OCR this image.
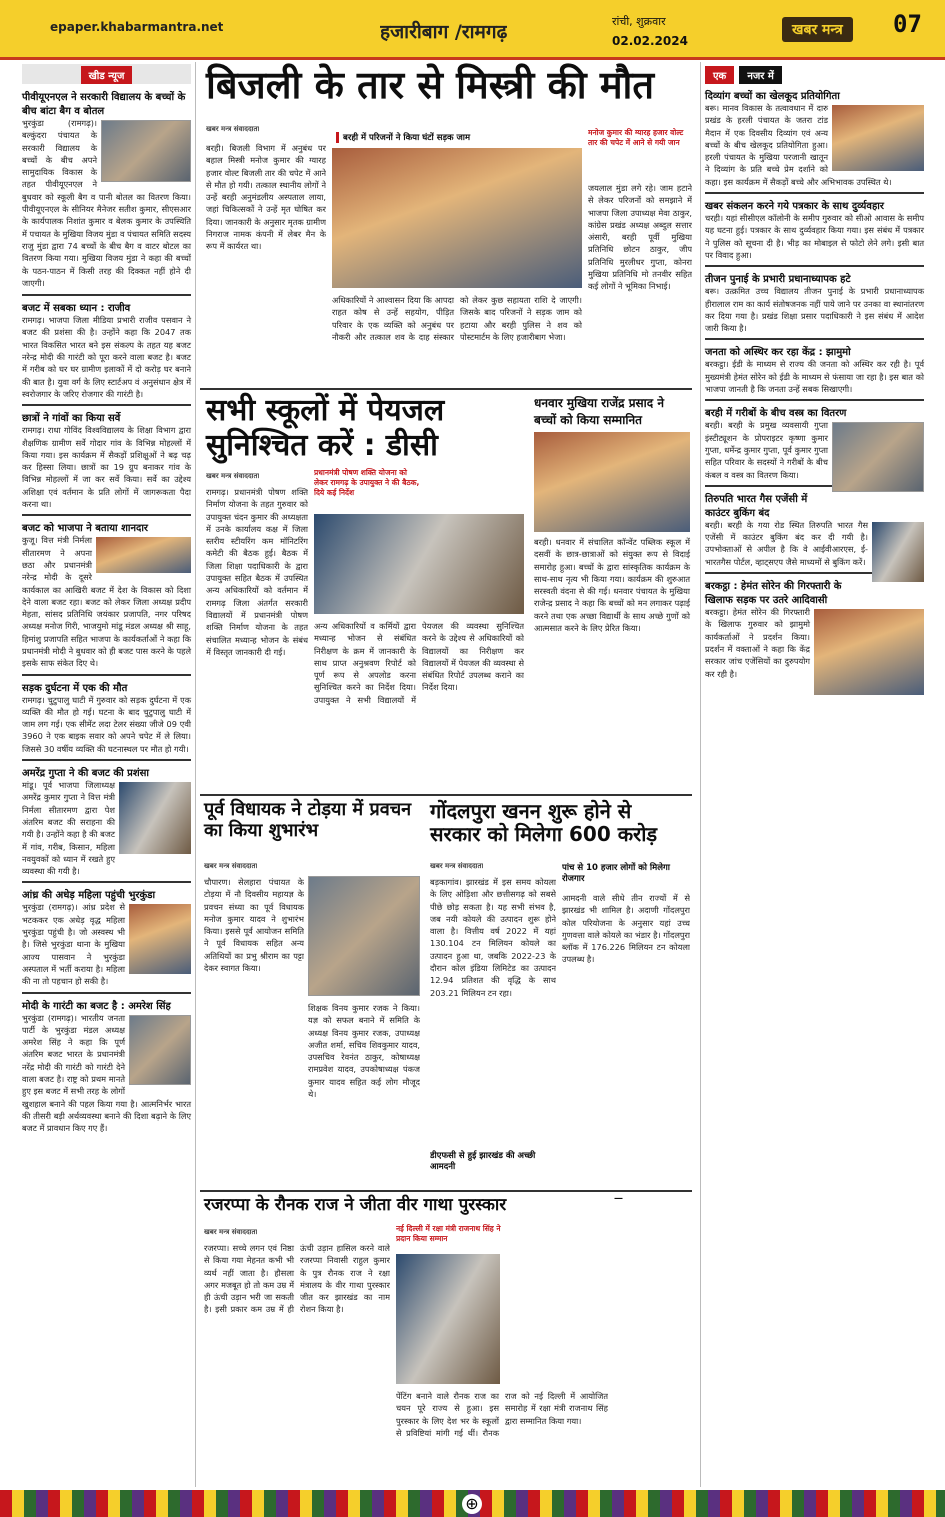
epaper.khabarmantra.net	हजारीबाग /रामगढ़	रांची, शुक्रवार
02.02.2024
खबर मन्त्र	07
खीड न्यूज
पीवीयूएनएल ने सरकारी विद्यालय के बच्चों के बीच बांटा बैग व बोतल
भुरकुंडा (रामगढ़)। बल्कुंदरा पंचायत के सरकारी विद्यालय के बच्चों के बीच अपने सामुदायिक विकास के तहत पीवीयूएनएल ने बुधवार को स्कूली बैग व पानी बोतल का वितरण किया। पीवीयूएनएल के सीनियर मैनेजर सतीश कुमार, सीएसआर के कार्यपालक निशांत कुमार व बेलक कुमार के उपस्थिति में पचायत के मुखिया विजय मुंडा व पंचायत समिति सदस्य राजु मुंडा द्वारा 74 बच्चों के बीच बैग व वाटर बोटल का वितरण किया गया। मुखिया विजय मुंडा ने कहा की बच्चों के पठन-पाठन में किसी तरह की दिक्कत नहीं होने दी जाएगी।
बजट में सबका ध्यान : राजीव
रामगढ़। भाजपा जिला मीडिया प्रभारी राजीव पसवान ने बजट की प्रशंसा की है। उन्होंने कहा कि 2047 तक भारत विकसित भारत बने इस संकल्प के तहत यह बजट नरेन्द्र मोदी की गारंटी को पूरा करने वाला बजट है। बजट में गरीब को घर घर ग्रामीण इलाकों में दो करोड़ घर बनाने की बात है। युवा वर्ग के लिए स्टार्टअप वं अनुसंधान क्षेत्र में स्वरोजगार के जरिए रोजगार की गारंटी है।
छात्रों ने गांवों का किया सर्वे
रामगढ़। राधा गोविंद विश्वविद्यालय के शिक्षा विभाग द्वारा शैक्षणिक ग्रामीण सर्वे गोदार गांव के विभिन्न मोहल्लों में किया गया। इस कार्यक्रम में सैकड़ों प्रशिक्षुओं ने बढ़ चढ़ कर हिस्सा लिया। छात्रों का 19 ग्रुप बनाकर गांव के विभिन्न मोहल्लों में जा कर सर्वे किया। सर्वे का उद्देश्य अशिक्षा एवं वर्तमान के प्रति लोगों में जागरूकता पैदा करना था।
बजट को भाजपा ने बताया शानदार
कुजू। वित्त मंत्री निर्मला सीतारमण ने अपना छठा और प्रधानमंत्री नरेन्द्र मोदी के दूसरे कार्यकाल का आखिरी बजट में देश के विकास को दिशा देने वाला बजट रहा। बजट को लेकर जिला अध्यक्ष प्रदीप मेहता, सांसद प्रतिनिधि जयंकार प्रजापति, नगर परिषद अध्यक्ष मनोज गिरी, भाजयुमो मांडू मंडल अध्यक्ष श्री साहू, हिमांशु प्रजापति सहित भाजपा के कार्यकर्ताओं ने कहा कि प्रधानमंत्री मोदी ने बुधवार को ही बजट पास करने के पहले इसके साफ संकेत दिए थे।
सड़क दुर्घटना में एक की मौत
रामगढ़। चुटुपालु घाटी में गुरुवार को सड़क दुर्घटना में एक व्यक्ति की मौत हो गई। घटना के बाद चुटुपालु घाटी में जाम लग गई। एक सीमेंट लदा टेलर संख्या जीजे 09 एवी 3960 ने एक बाइक सवार को अपने चपेट में ले लिया। जिससे 30 वर्षीय व्यक्ति की घटनास्थल पर मौत हो गयी।
अमरेंद्र गुप्ता ने की बजट की प्रशंसा
मांडू। पूर्व भाजपा जिलाध्यक्ष अमरेंद्र कुमार गुप्ता ने वित्त मंत्री निर्मला सीतारमण द्वारा पेश अंतरिम बजट की सराहना की गयी है। उन्होंने कहा है की बजट में गांव, गरीब, किसान, महिला नवयुवकों को ध्यान में रखते हुए व्यवस्था की गयी है।
आंध्र की अधेड़ महिला पहुंची भुरकुंडा
भुरकुंडा (रामगढ़)। आंध्र प्रदेश से भटककर एक अधेड़ वृद्ध महिला भुरकुंडा पहुंची है। जो अस्वस्थ भी है। जिसे भुरकुंडा थाना के मुखिया आज्य पासवान ने भुरकुंडा अस्पताल में भर्ती कराया है। महिला की ना तो पहचान हो सकी है।
मोदी के गारंटी का बजट है : अमरेश सिंह
भुरकुंडा (रामगढ़)। भारतीय जनता पार्टी के भुरकुंडा मंडल अध्यक्ष अमरेश सिंह ने कहा कि पूर्ण अंतरिम बजट भारत के प्रधानमंत्री नरेंद्र मोदी की गारंटी को गारंटी देने वाला बजट है। राष्ट्र को प्रथम मानते हुए इस बजट में सभी तरह के लोगों खुशहाल बनाने की पहल किया गया है। आत्मनिर्भर भारत की तीसरी बड़ी अर्थव्यवस्था बनाने की दिशा बढ़ाने के लिए बजट में प्रावधान किए गए हैं।
बिजली के तार से मिस्त्री की मौत
खबर मन्त्र संवाददाता
बरही में परिजनों ने किया घंटों सड़क जाम
मनोज कुमार की ग्यारह हजार वोल्ट तार की चपेट में आने से गयी जान
बरही। बिजली विभाग में अनुबंध पर बहाल मिस्त्री मनोज कुमार की ग्यारह हजार वोल्ट बिजली तार की चपेट में आने से मौत हो गयी। तत्काल स्थानीय लोगों ने उन्हें बरही अनुमंडलीय अस्पताल लाया, जहां चिकित्सकों ने उन्हें मृत घोषित कर दिया। जानकारी के अनुसार मृतक ग्रामीण निगराज नामक कंपनी में लेबर मैन के रूप में कार्यरत था।
अधिकारियों ने आश्वासन दिया कि आपदा राहत कोष से उन्हें सहयोग, पीड़ित परिवार के एक व्यक्ति को अनुबंध पर नौकरी और तत्काल शव के दाह संस्कार को लेकर कुछ सहायता राशि दे जाएगी। जिसके बाद परिजनों ने सड़क जाम को हटाया और बरही पुलिस ने शव को पोस्टमार्टम के लिए हजारीबाग भेजा।
जयलाल मुंडा लगे रहे। जाम हटाने से लेकर परिजनों को समझाने में भाजपा जिला उपाध्यक्ष मेवा ठाकुर, कांग्रेस प्रखंड अध्यक्ष अब्दुल सत्तार अंसारी, बरही पूर्वी मुखिया प्रतिनिधि छोटन ठाकुर, जीप प्रतिनिधि मुरलीधर गुप्ता, कोनरा मुखिया प्रतिनिधि मो तनवीर सहित कई लोगों ने भूमिका निभाई।
सभी स्कूलों में पेयजल सुनिश्चित करें : डीसी
खबर मन्त्र संवाददाता
रामगढ़। प्रधानमंत्री पोषण शक्ति निर्माण योजना के तहत गुरुवार को उपायुक्त चंदन कुमार की अध्यक्षता में उनके कार्यालय कक्ष में जिला स्तरीय स्टीयरिंग कम मॉनिटरिंग कमेटी की बैठक हुई। बैठक में जिला शिक्षा पदाधिकारी के द्वारा उपायुक्त सहित बैठक में उपस्थित अन्य अधिकारियों को वर्तमान में रामगढ़ जिला अंतर्गत सरकारी विद्यालयों में प्रधानमंत्री पोषण शक्ति निर्माण योजना के तहत संचालित मध्यान्ह भोजन के संबंध में विस्तृत जानकारी दी गई।
प्रधानमंत्री पोषण शक्ति योजना को लेकर रामगढ़ के उपायुक्त ने की बैठक, दिये कई निर्देश
अन्य अधिकारियों व कर्मियों द्वारा मध्यान्ह भोजन से संबंधित निरीक्षण के क्रम में जानकारी के साथ प्राप्त अनुश्रवण रिपोर्ट को पूर्ण रूप से अपलोड करना सुनिश्चित करने का निर्देश दिया। उपायुक्त ने सभी विद्यालयों में पेयजल की व्यवस्था सुनिश्चित करने के उद्देश्य से अधिकारियों को विद्यालयों का निरीक्षण कर विद्यालयों में पेयजल की व्यवस्था से संबंधित रिपोर्ट उपलब्ध कराने का निर्देश दिया।
धनवार मुखिया राजेंद्र प्रसाद ने बच्चों को किया सम्मानित
बरही। धनवार में संचालित कॉन्वेंट पब्लिक स्कूल में दसवीं के छात्र-छात्राओं को संयुक्त रूप से विदाई समारोह हुआ। बच्चों के द्वारा सांस्कृतिक कार्यक्रम के साथ-साथ नृत्य भी किया गया। कार्यक्रम की शुरुआत सरस्वती वंदना से की गई। धनवार पंचायत के मुखिया राजेन्द्र प्रसाद ने कहा कि बच्चों को मन लगाकर पढ़ाई करने तथा एक अच्छा विद्यार्थी के साथ अच्छे गुणों को आत्मसात करने के लिए प्रेरित किया।
पूर्व विधायक ने टोड़या में प्रवचन का किया शुभारंभ
खबर मन्त्र संवाददाता
चौपारण। सेलहारा पंचायत के टोड़या में नौ दिवसीय महायज्ञ के प्रवचन संध्या का पूर्व विधायक मनोज कुमार यादव ने शुभारंभ किया। इससे पूर्व आयोजन समिति ने पूर्व विधायक सहित अन्य अतिथियों का प्रभु श्रीराम का पट्टा देकर स्वागत किया।
शिक्षक विनय कुमार रजक ने किया। यज्ञ को सफल बनाने में समिति के अध्यक्ष विनय कुमार रजक, उपाध्यक्ष अजीत शर्मा, सचिव शिवकुमार यादव, उपसचिव रेवनंत ठाकुर, कोषाध्यक्ष रामप्रवेश यादव, उपकोषाध्यक्ष पंकज कुमार यादव सहित कई लोग मौजूद थे।
गोंदलपुरा खनन शुरू होने से सरकार को मिलेगा 600 करोड़
खबर मन्त्र संवाददाता
बड़कागांव। झारखंड में इस समय कोयला के लिए ओड़िशा और छत्तीसगढ़ को सबसे पीछे छोड़ सकता है। यह सभी संभव है, जब नयी कोयले की उत्पादन शुरू होने वाला है। वित्तीय वर्ष 2022 में यहां 130.104 टन मिलियन कोयले का उत्पादन हुआ था, जबकि 2022-23 के दौरान कोल इंडिया लिमिटेड का उत्पादन 12.94 प्रतिशत की वृद्धि के साथ 203.21 मिलियन टन रहा।
डीएफसी से हुई झारखंड की अच्छी आमदनी
पांच से 10 हजार लोगों को मिलेगा रोजगार
आमदनी वाले सीधे तीन राज्यों में से झारखंड भी शामिल है। अदाणी गोंदलपुरा कोल परियोजना के अनुसार यहां उच्च गुणवत्ता वाले कोयले का भंडार है। गोंदलपुरा ब्लॉक में 176.226 मिलियन टन कोयला उपलब्ध है।
रजरप्पा के रौनक राज ने जीता वीर गाथा पुरस्कार
खबर मन्त्र संवाददाता
रजरप्पा। सच्चे लगन एवं निष्ठा से किया गया मेहनत कभी भी व्यर्थ नहीं जाता है। हौसला अगर मजबूत हो तो कम उम्र में ही ऊंची उड़ान भरी जा सकती है। इसी प्रकार कम उम्र में ही ऊंची उड़ान हासिल करने वाले रजरप्पा निवासी राहुल कुमार के पुत्र रौनक राज ने रक्षा मंत्रालय के वीर गाथा पुरस्कार जीत कर झारखंड का नाम रोशन किया है।
नई दिल्ली में रक्षा मंत्री राजनाथ सिंह ने प्रदान किया सम्मान
पेंटिंग बनाने वाले रौनक राज का चयन पूरे राज्य से हुआ। इस पुरस्कार के लिए देश भर के स्कूलों से प्रविष्टियां मांगी गई थीं। रौनक राज को नई दिल्ली में आयोजित समारोह में रक्षा मंत्री राजनाथ सिंह द्वारा सम्मानित किया गया।
—
एक नजर में
दिव्यांग बच्चों का खेलकूद प्रतियोगिता
बरू। मानव विकास के तत्वावधान में दारु प्रखंड के हरली पंचायत के जतरा टांड मैदान में एक दिवसीय दिव्यांग एवं अन्य बच्चों के बीच खेलकूद प्रतियोगिता हुआ। हरली पंचायत के मुखिया परजानी खातून ने दिव्यांग के प्रति बच्चे प्रेम दर्शाने को कहा। इस कार्यक्रम में सैकड़ों बच्चे और अभिभावक उपस्थित थे।
खबर संकलन करने गये पत्रकार के साथ दुर्व्यवहार
चरही। यहां सीसीएल कॉलोनी के समीप गुरुवार को सीओ आवास के समीप यह घटना हुई। पत्रकार के साथ दुर्व्यवहार किया गया। इस संबंध में पत्रकार ने पुलिस को सूचना दी है। भीड़ का मोबाइल से फोटो लेने लगे। इसी बात पर विवाद हुआ।
तीजन पुनाई के प्रभारी प्रधानाध्यापक हटे
बरू। उत्क्रमित उच्च विद्यालय तीजन पुनाई के प्रभारी प्रधानाध्यापक हीरालाल राम का कार्य संतोषजनक नहीं पाये जाने पर उनका वा स्थानांतरण कर दिया गया है। प्रखंड शिक्षा प्रसार पदाधिकारी ने इस संबंध में आदेश जारी किया है।
जनता को अस्थिर कर रहा केंद्र : झामुमो
बरकट्ठा। ईडी के माध्यम से राज्य की जनता को अस्थिर कर रही है। पूर्व मुख्यमंत्री हेमंत सोरेन को ईडी के माध्यम से फंसाया जा रहा है। इस बात को भाजपा जानती है कि जनता उन्हें सबक सिखाएगी।
बरही में गरीबों के बीच वस्त्र का वितरण
बरही। बरही के प्रमुख व्यवसायी गुप्ता इंस्टीट्यूशन के प्रोपराइटर कृष्णा कुमार गुप्ता, धर्मेन्द्र कुमार गुप्ता, पूर्व कुमार गुप्ता सहित परिवार के सदस्यों ने गरीबों के बीच कंबल व वस्त्र का वितरण किया।
तिरुपति भारत गैस एजेंसी में काउंटर बुकिंग बंद
बरही। बरही के गया रोड स्थित तिरुपति भारत गैस एजेंसी में काउंटर बुकिंग बंद कर दी गयी है। उपभोक्ताओं से अपील है कि वे आईवीआरएस, ई-भारतगैस पोर्टल, व्हाट्सएप जैसे माध्यमों से बुकिंग करें।
बरकट्ठा : हेमंत सोरेन की गिरफ्तारी के खिलाफ सड़क पर उतरे आदिवासी
बरकट्ठा। हेमंत सोरेन की गिरफ्तारी के खिलाफ गुरुवार को झामुमो कार्यकर्ताओं ने प्रदर्शन किया। प्रदर्शन में वक्ताओं ने कहा कि केंद्र सरकार जांच एजेंसियों का दुरुपयोग कर रही है।
⊕
